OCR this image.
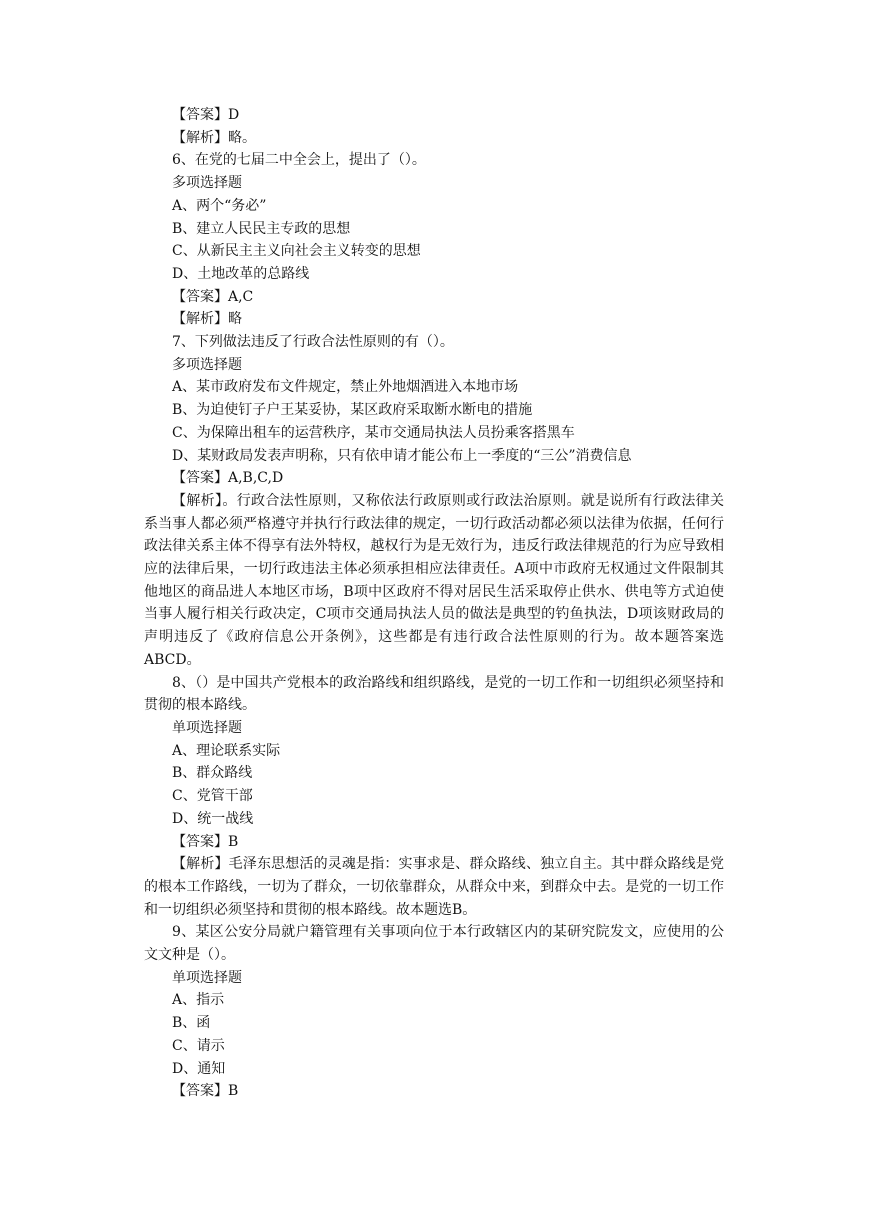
【答案】D

【解析】略。

6、在党的七届二中全会上，提出了（）。

多项选择题

A、两个“务必”

B、建立人民民主专政的思想

C、从新民主主义向社会主义转变的思想

D、土地改革的总路线

【答案】A,C

【解析】略

7、下列做法违反了行政合法性原则的有（）。

多项选择题

A、某市政府发布文件规定，禁止外地烟酒进入本地市场

B、为迫使钉子户王某妥协，某区政府采取断水断电的措施

C、为保障出租车的运营秩序，某市交通局执法人员扮乘客搭黑车

D、某财政局发表声明称，只有依申请才能公布上一季度的“三公”消费信息

【答案】A,B,C,D

【解析】。行政合法性原则，又称依法行政原则或行政法治原则。就是说所有行政法律关系当事人都必须严格遵守并执行行政法律的规定，一切行政活动都必须以法律为依据，任何行政法律关系主体不得享有法外特权，越权行为是无效行为，违反行政法律规范的行为应导致相应的法律后果，一切行政违法主体必须承担相应法律责任。A项中市政府无权通过文件限制其他地区的商品进人本地区市场，B项中区政府不得对居民生活采取停止供水、供电等方式迫使当事人履行相关行政决定，C项市交通局执法人员的做法是典型的钓鱼执法，D项该财政局的声明违反了《政府信息公开条例》，这些都是有违行政合法性原则的行为。故本题答案选ABCD。

8、（）是中国共产党根本的政治路线和组织路线，是党的一切工作和一切组织必须坚持和贯彻的根本路线。

单项选择题

A、理论联系实际

B、群众路线

C、党管干部

D、统一战线

【答案】B

【解析】毛泽东思想活的灵魂是指：实事求是、群众路线、独立自主。其中群众路线是党的根本工作路线，一切为了群众，一切依靠群众，从群众中来，到群众中去。是党的一切工作和一切组织必须坚持和贯彻的根本路线。故本题选B。

9、某区公安分局就户籍管理有关事项向位于本行政辖区内的某研究院发文，应使用的公文文种是（）。

单项选择题

A、指示

B、函

C、请示

D、通知

【答案】B
